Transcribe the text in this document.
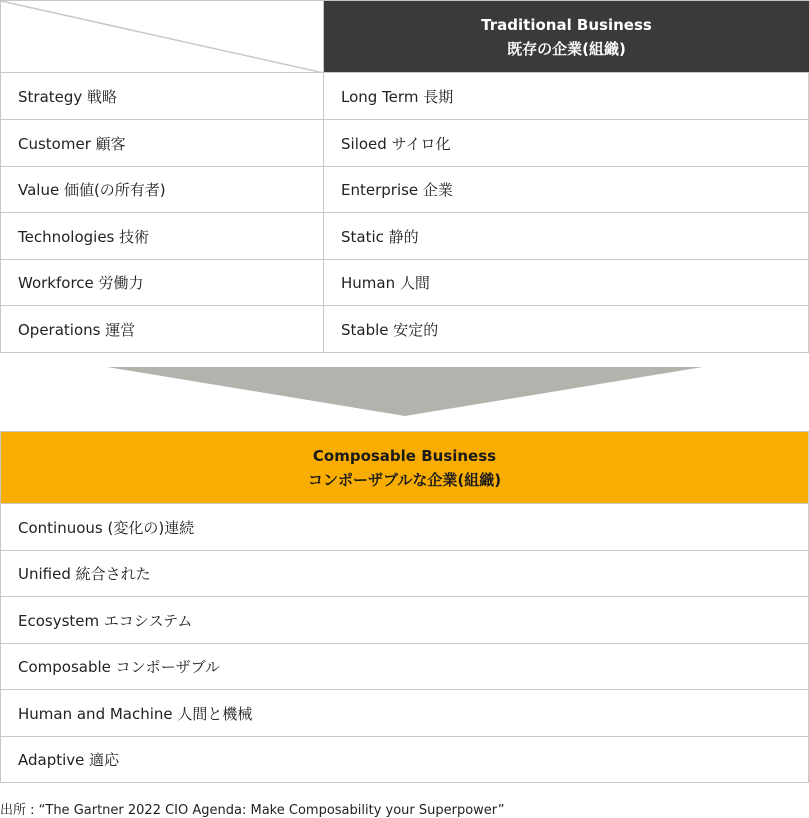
Traditional Business
既存の企業(組織)
Strategy 戦略	Long Term 長期
Customer 顧客	Siloed サイロ化
Value 価値(の所有者)	Enterprise 企業
Technologies 技術	Static 静的
Workforce 労働力	Human 人間
Operations 運営	Stable 安定的
Composable Business
コンポーザブルな企業(組織)
Continuous (変化の)連続
Unified 統合された
Ecosystem エコシステム
Composable コンポーザブル
Human and Machine 人間と機械
Adaptive 適応
出所 : “The Gartner 2022 CIO Agenda: Make Composability your Superpower”
